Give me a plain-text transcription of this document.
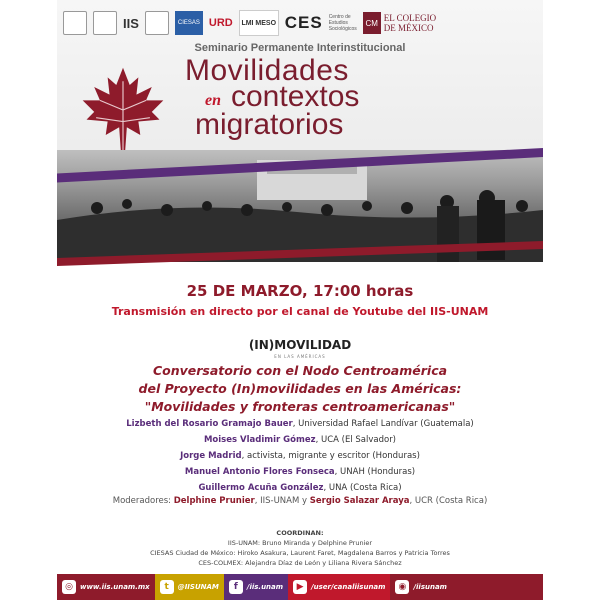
IIS	CIESAS URD	LMI MESO CES Centro de Estudios Sociológicos
CM EL COLEGIO DE MÉXICO
Seminario Permanente Interinstitucional
Movilidades
en contextos
migratorios
25 DE MARZO, 17:00 horas
Transmisión en directo por el canal de Youtube del IIS-UNAM
(IN)MOVILIDAD
EN LAS AMÉRICAS
Conversatorio con el Nodo Centroamérica
del Proyecto (In)movilidades en las Américas:
"Movilidades y fronteras centroamericanas"
Lizbeth del Rosario Gramajo Bauer, Universidad Rafael Landívar (Guatemala)
Moises Vladimir Gómez, UCA (El Salvador)
Jorge Madrid, activista, migrante y escritor (Honduras)
Manuel Antonio Flores Fonseca, UNAH (Honduras)
Guillermo Acuña González, UNA (Costa Rica)
Moderadores: Delphine Prunier, IIS-UNAM y Sergio Salazar Araya, UCR (Costa Rica)
COORDINAN:
IIS-UNAM: Bruno Miranda y Delphine Prunier
CIESAS Ciudad de México: Hiroko Asakura, Laurent Faret, Magdalena Barros y Patricia Torres
CES-COLMEX: Alejandra Díaz de León y Liliana Rivera Sánchez
◎	www.iis.unam.mx	t	@IISUNAM	f	/iis.unam	▶	/user/canaliisunam	◉	/iisunam
